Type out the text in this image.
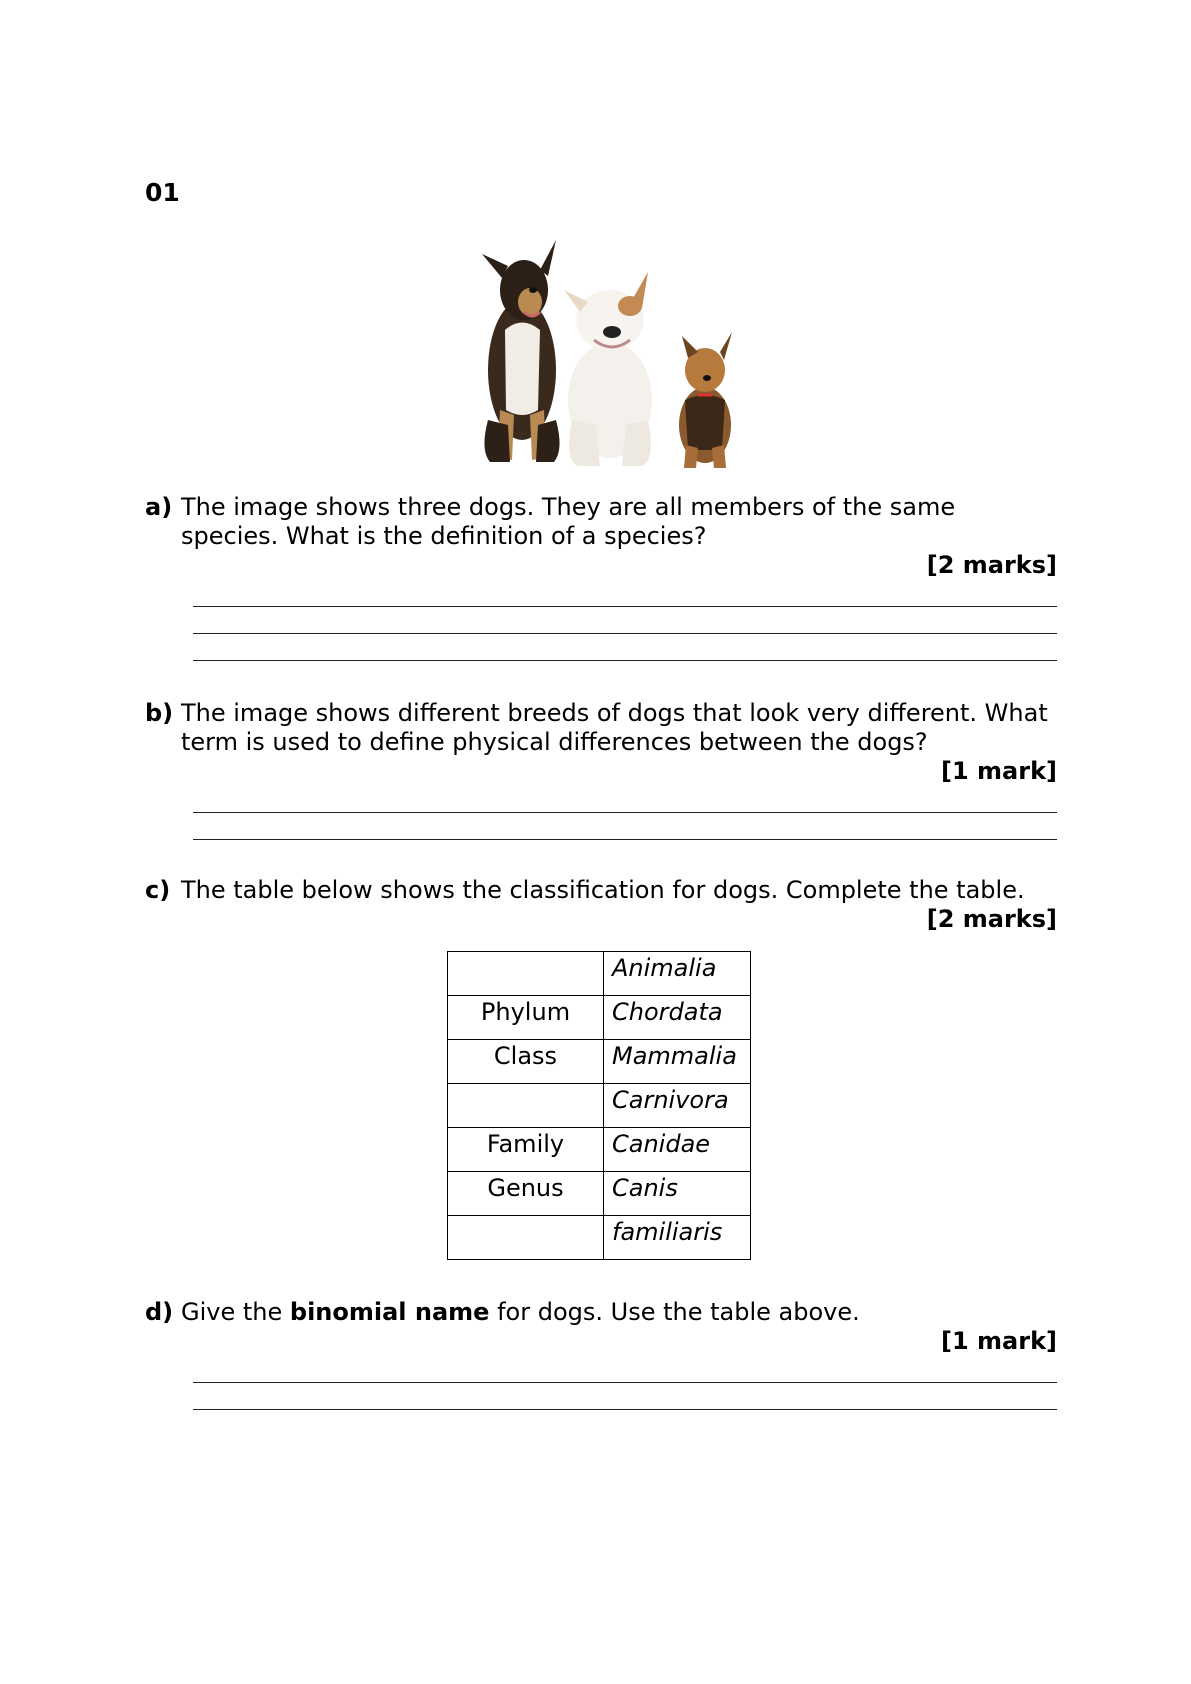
01
a) The image shows three dogs. They are all members of the same species. What is the definition of a species?
[2 marks]
b) The image shows different breeds of dogs that look very different. What term is used to define physical differences between the dogs?
[1 mark]
c) The table below shows the classification for dogs. Complete the table.
[2 marks]
	Animalia
Phylum	Chordata
Class	Mammalia
	Carnivora
Family	Canidae
Genus	Canis
	familiaris
d) Give the binomial name for dogs. Use the table above.
[1 mark]
